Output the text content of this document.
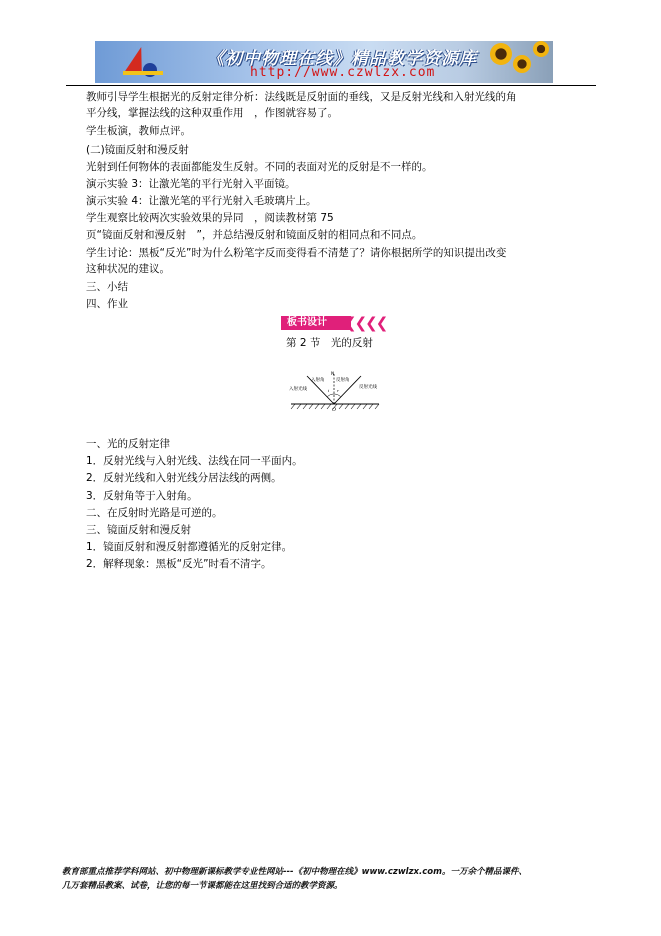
《初中物理在线》精品教学资源库
http://www.czwlzx.com
教师引导学生根据光的反射定律分析：法线既是反射面的垂线，又是反射光线和入射光线的角
平分线，掌握法线的这种双重作用　，作图就容易了。
学生板演，教师点评。
(二)镜面反射和漫反射
光射到任何物体的表面都能发生反射。不同的表面对光的反射是不一样的。
演示实验 3：让激光笔的平行光射入平面镜。
演示实验 4：让激光笔的平行光射入毛玻璃片上。
学生观察比较两次实验效果的异同　，阅读教材第 75
页“镜面反射和漫反射　”，并总结漫反射和镜面反射的相同点和不同点。
学生讨论：黑板“反光”时为什么粉笔字反而变得看不清楚了？请你根据所学的知识提出改变
这种状况的建议。
三、小结
四、作业
板书设计	❮❮❮❮
第 2 节　光的反射
入射光线
入射角	反射角
反射光线
N
O
i r
一、光的反射定律
1．反射光线与入射光线、法线在同一平面内。
2．反射光线和入射光线分居法线的两侧。
3．反射角等于入射角。
二、在反射时光路是可逆的。
三、镜面反射和漫反射
1．镜面反射和漫反射都遵循光的反射定律。
2．解释现象：黑板“反光”时看不清字。
教育部重点推荐学科网站、初中物理新课标教学专业性网站---《初中物理在线》www.czwlzx.com。一万余个精品课件、
几万套精品教案、试卷，让您的每一节课都能在这里找到合适的教学资源。
